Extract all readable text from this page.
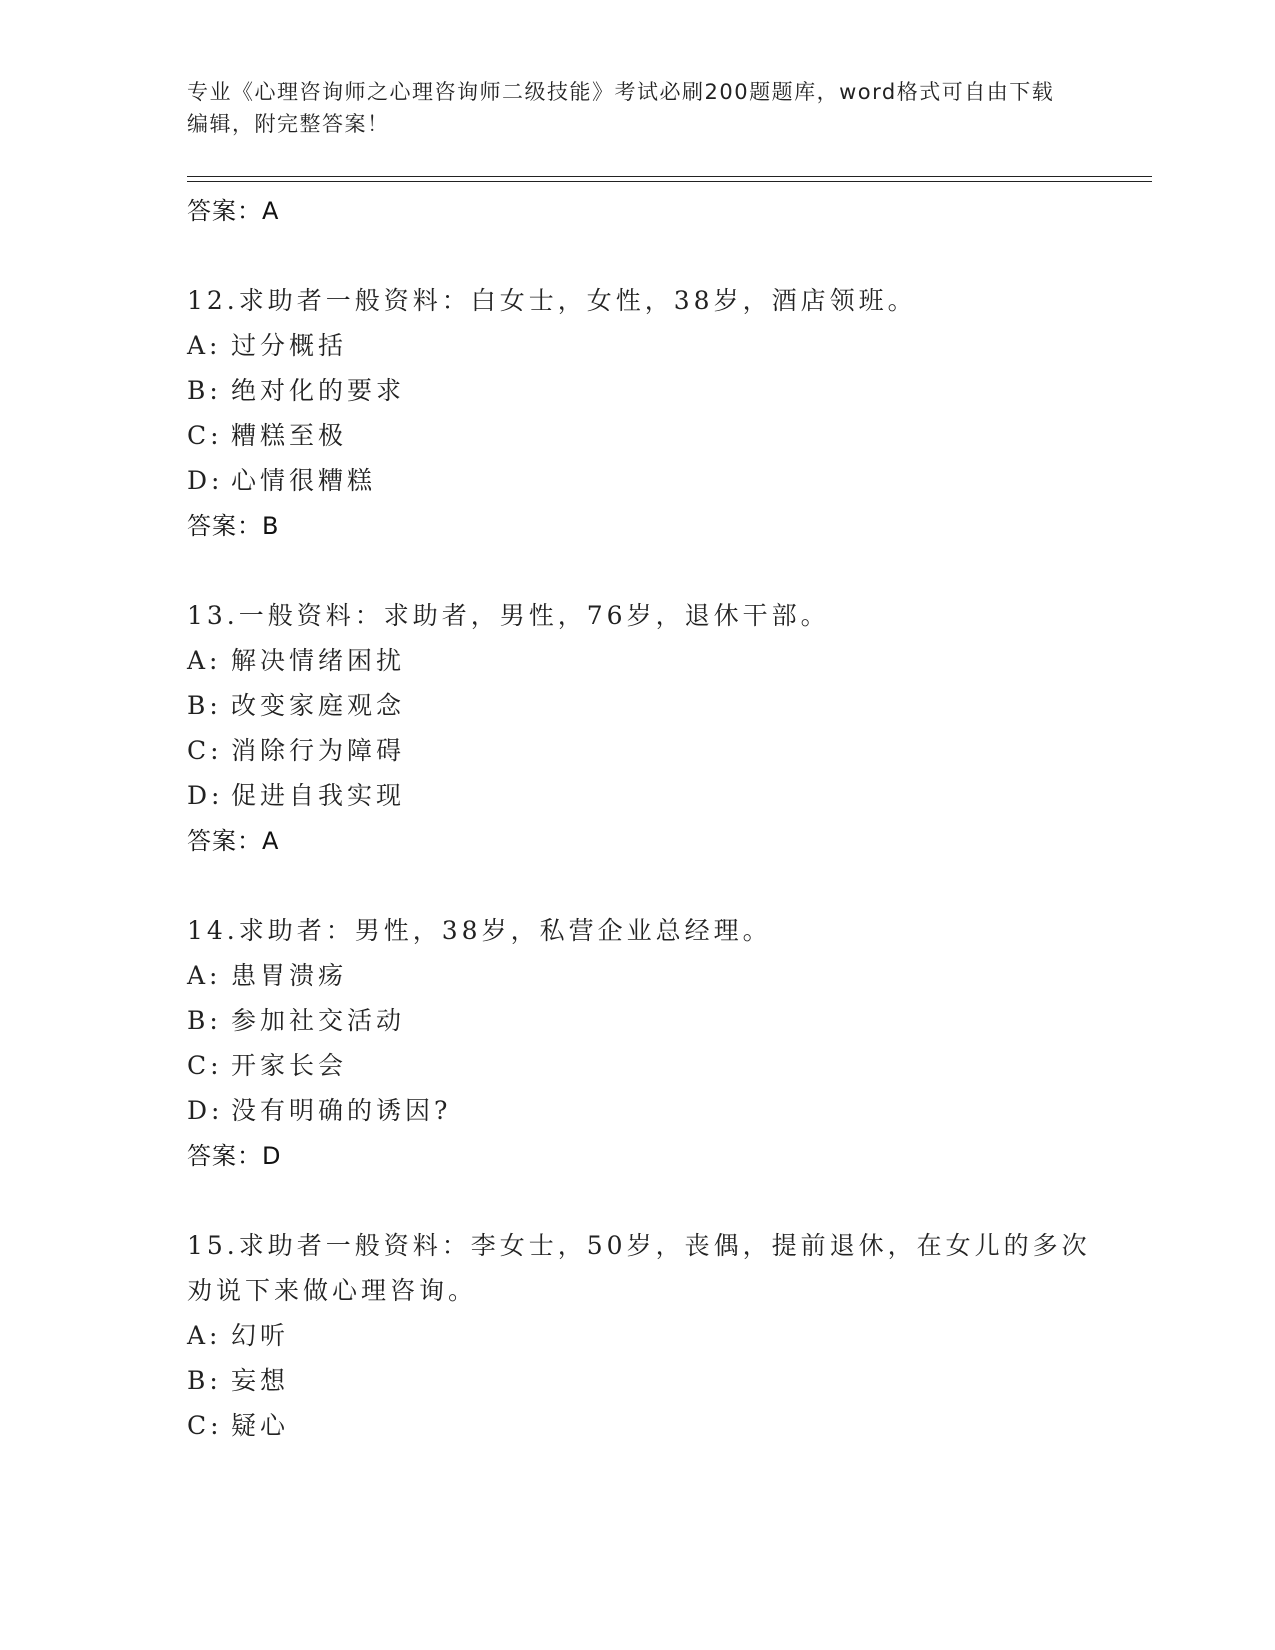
专业《心理咨询师之心理咨询师二级技能》考试必刷200题题库，word格式可自由下载编辑，附完整答案！
答案：A
12.求助者一般资料：白女士，女性，38岁，酒店领班。
A: 过分概括
B: 绝对化的要求
C: 糟糕至极
D: 心情很糟糕
答案：B
13.一般资料：求助者，男性，76岁，退休干部。
A: 解决情绪困扰
B: 改变家庭观念
C: 消除行为障碍
D: 促进自我实现
答案：A
14.求助者：男性，38岁，私营企业总经理。
A: 患胃溃疡
B: 参加社交活动
C: 开家长会
D: 没有明确的诱因?
答案：D
15.求助者一般资料：李女士，50岁，丧偶，提前退休，在女儿的多次劝说下来做心理咨询。
A: 幻听
B: 妄想
C: 疑心
